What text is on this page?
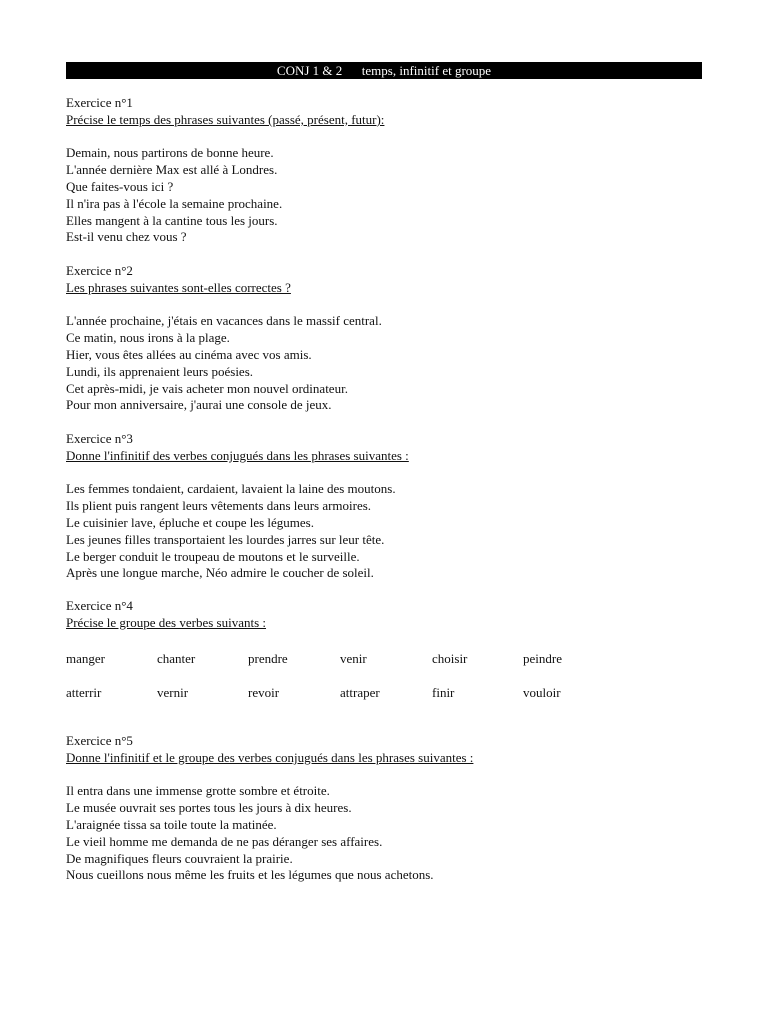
CONJ 1 & 2 temps, infinitif et groupe
Exercice n°1
Précise le temps des phrases suivantes (passé, présent, futur):
Demain, nous partirons de bonne heure.
L'année dernière Max est allé à Londres.
Que faites-vous ici ?
Il n'ira pas à l'école la semaine prochaine.
Elles mangent à la cantine tous les jours.
Est-il venu chez vous ?
Exercice n°2
Les phrases suivantes sont-elles correctes ?
L'année prochaine, j'étais en vacances dans le massif central.
Ce matin, nous irons à la plage.
Hier, vous êtes allées au cinéma avec vos amis.
Lundi, ils apprenaient leurs poésies.
Cet après-midi, je vais acheter mon nouvel ordinateur.
Pour mon anniversaire, j'aurai une console de jeux.
Exercice n°3
Donne l'infinitif des verbes conjugués dans les phrases suivantes :
Les femmes tondaient, cardaient, lavaient la laine des moutons.
Ils plient puis rangent leurs vêtements dans leurs armoires.
Le cuisinier lave, épluche et coupe les légumes.
Les jeunes filles transportaient les lourdes jarres sur leur tête.
Le berger conduit le troupeau de moutons et le surveille.
Après une longue marche, Néo admire le coucher de soleil.
Exercice n°4
Précise le groupe des verbes suivants :
manger	chanter	prendre	venir	choisir	peindre
atterrir	vernir	revoir	attraper	finir	vouloir
Exercice n°5
Donne l'infinitif et le groupe des verbes conjugués dans les phrases suivantes :
Il entra dans une immense grotte sombre et étroite.
Le musée ouvrait ses portes tous les jours à dix heures.
L'araignée tissa sa toile toute la matinée.
Le vieil homme me demanda de ne pas déranger ses affaires.
De magnifiques fleurs couvraient la prairie.
Nous cueillons nous même les fruits et les légumes que nous achetons.
